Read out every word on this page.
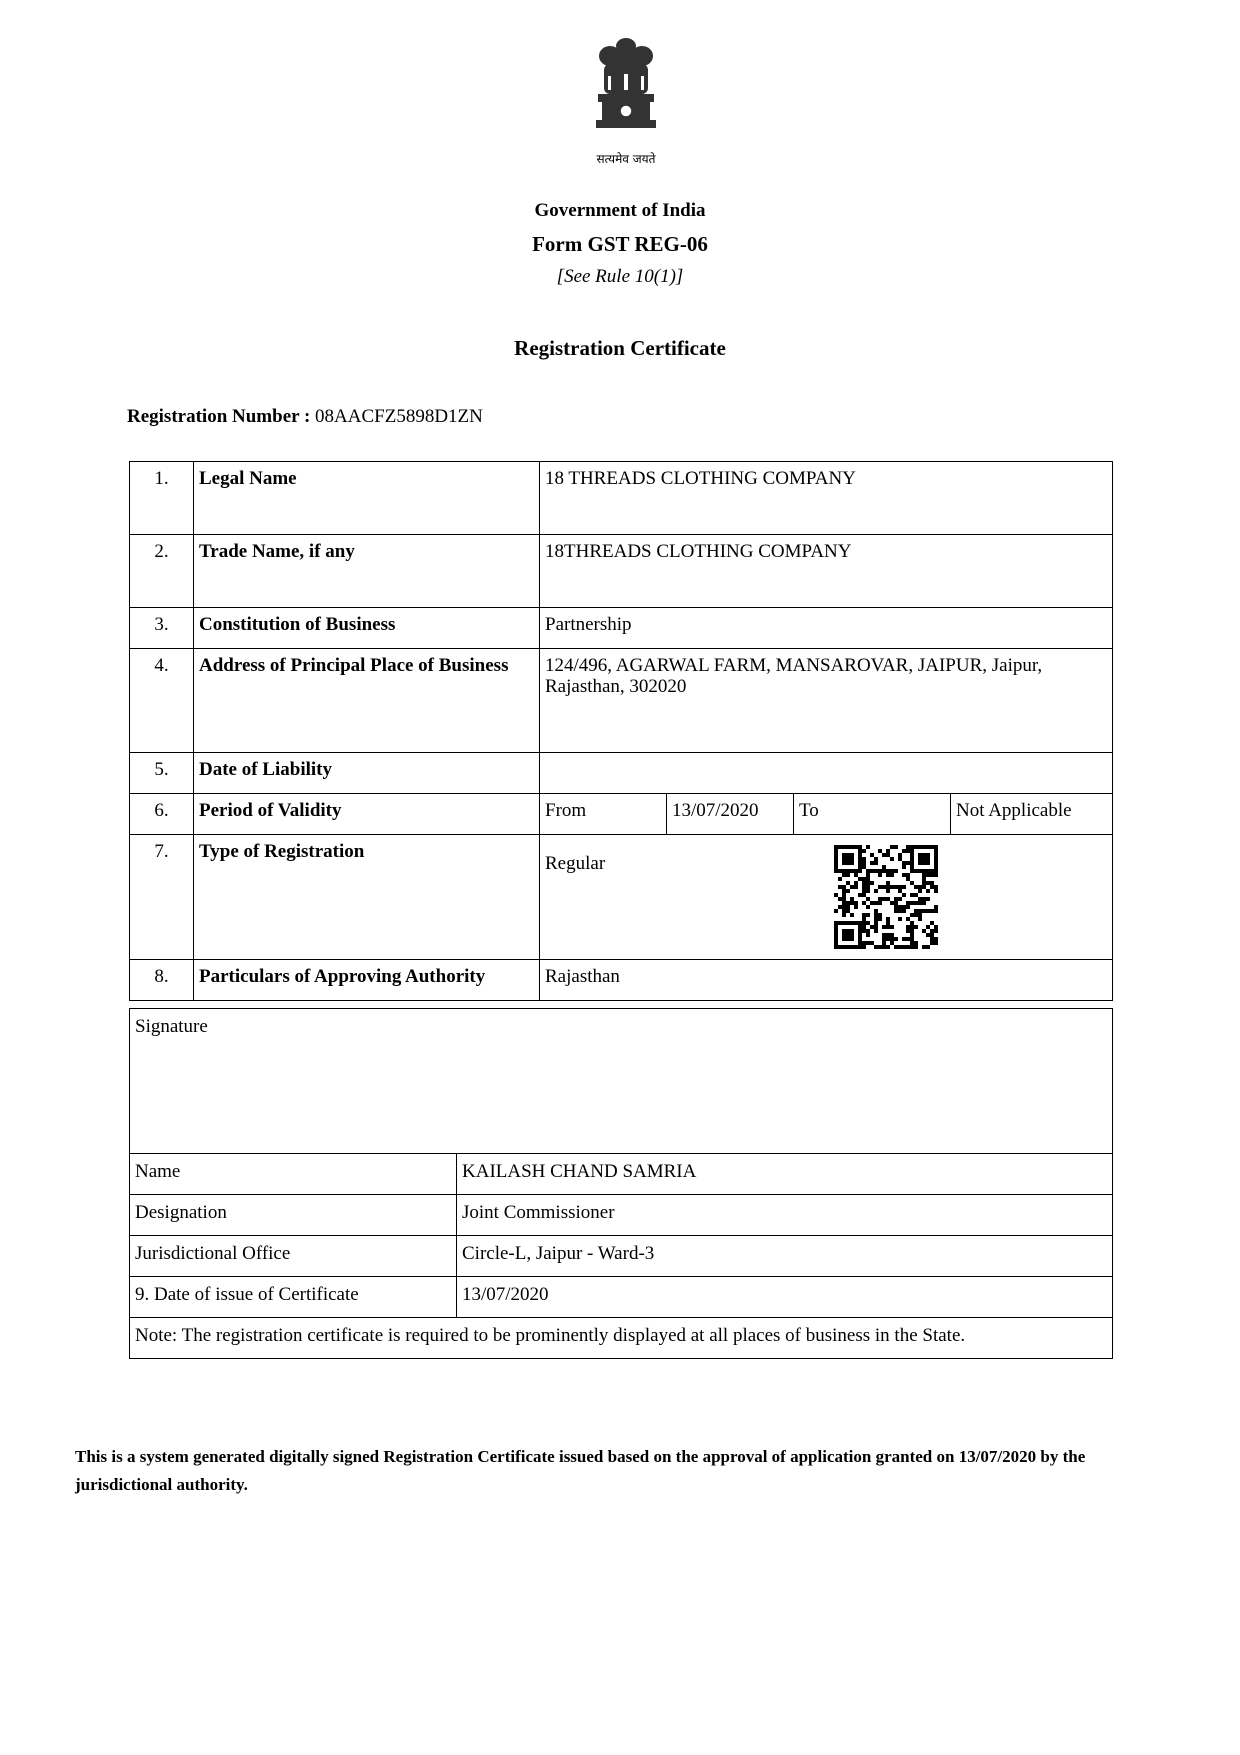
सत्यमेव जयते
Government of India
Form GST REG-06
[See Rule 10(1)]
Registration Certificate
Registration Number : 08AACFZ5898D1ZN
1.	Legal Name	18 THREADS CLOTHING COMPANY			
2.	Trade Name, if any	18THREADS CLOTHING COMPANY			
3.	Constitution of Business	Partnership			
4.	Address of Principal Place of Business	124/496, AGARWAL FARM, MANSAROVAR, JAIPUR, Jaipur, Rajasthan, 302020			
5.	Date of Liability				
6.	Period of Validity	From	13/07/2020	To	Not Applicable
7.	Type of Registration	Regular			

8.	Particulars of Approving Authority	Rajasthan			
Signature	
Name	KAILASH CHAND SAMRIA
Designation	Joint Commissioner
Jurisdictional Office	Circle-L, Jaipur - Ward-3
9. Date of issue of Certificate	13/07/2020
Note: The registration certificate is required to be prominently displayed at all places of business in the State.	
This is a system generated digitally signed Registration Certificate issued based on the approval of application granted on 13/07/2020 by the jurisdictional authority.
